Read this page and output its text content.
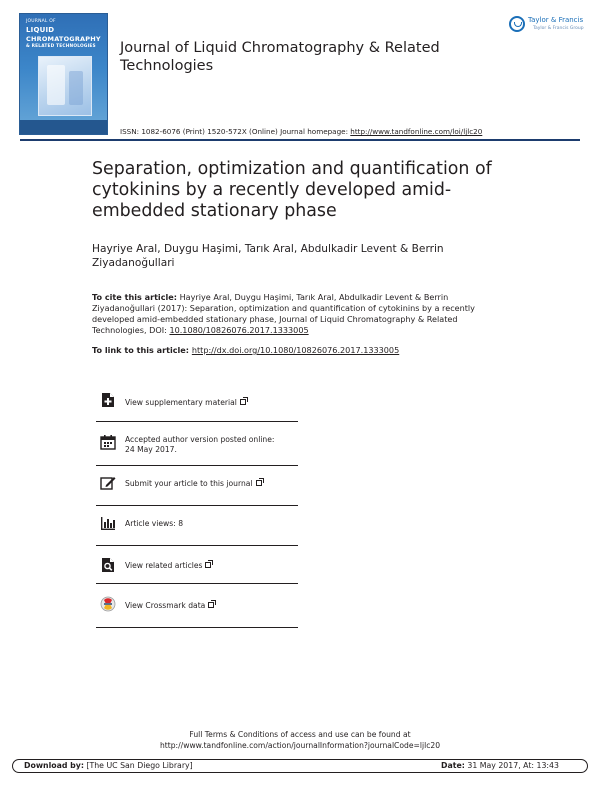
JOURNAL OF
LIQUID
CHROMATOGRAPHY
& RELATED TECHNOLOGIES Journal of Liquid Chromatography & Related Technologies
ISSN: 1082-6076 (Print) 1520-572X (Online) Journal homepage: http://www.tandfonline.com/loi/ljlc20
Taylor & Francis
Taylor & Francis Group
Separation, optimization and quantification of cytokinins by a recently developed amid-embedded stationary phase
Hayriye Aral, Duygu Haşimi, Tarık Aral, Abdulkadir Levent & Berrin Ziyadanoğullari
To cite this article: Hayriye Aral, Duygu Haşimi, Tarık Aral, Abdulkadir Levent & Berrin Ziyadanoğullari (2017): Separation, optimization and quantification of cytokinins by a recently developed amid-embedded stationary phase, Journal of Liquid Chromatography & Related Technologies, DOI: 10.1080/10826076.2017.1333005
To link to this article: http://dx.doi.org/10.1080/10826076.2017.1333005
View supplementary material
Accepted author version posted online: 24 May 2017.
Submit your article to this journal
Article views: 8
View related articles
View Crossmark data
Full Terms & Conditions of access and use can be found at
http://www.tandfonline.com/action/journalInformation?journalCode=ljlc20
Download by: [The UC San Diego Library]	Date: 31 May 2017, At: 13:43
